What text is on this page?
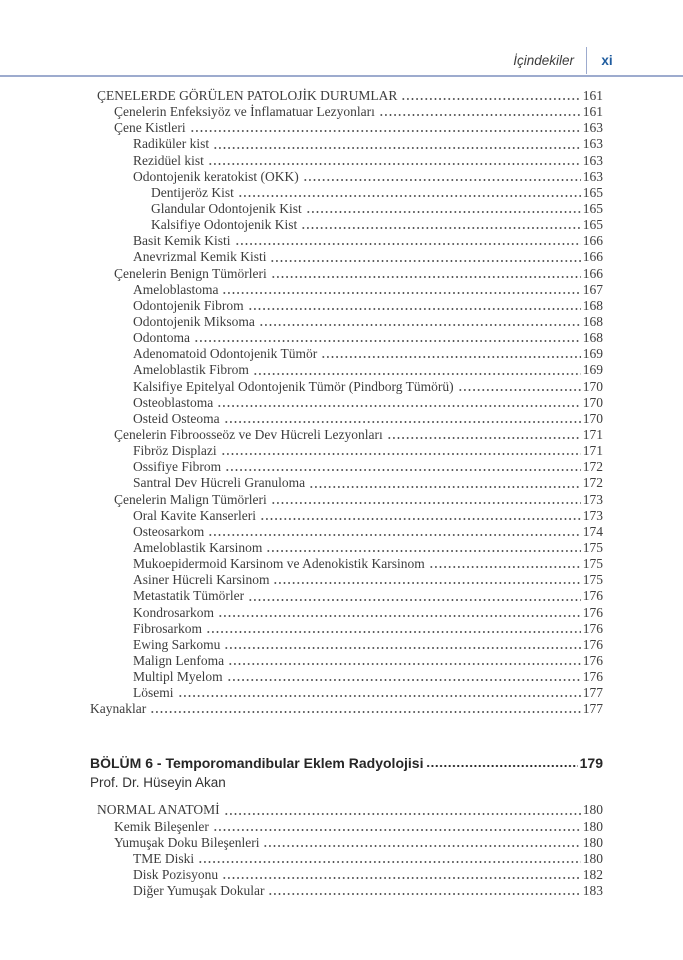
İçindekiler	xi
ÇENELERDE GÖRÜLEN PATOLOJİK DURUMLAR	161
Çenelerin Enfeksiyöz ve İnflamatuar Lezyonları	161
Çene Kistleri	163
Radiküler kist	163
Rezidüel kist	163
Odontojenik keratokist (OKK)	163
Dentijeröz Kist	165
Glandular Odontojenik Kist	165
Kalsifiye Odontojenik Kist	165
Basit Kemik Kisti	166
Anevrizmal Kemik Kisti	166
Çenelerin Benign Tümörleri	166
Ameloblastoma	167
Odontojenik Fibrom	168
Odontojenik Miksoma	168
Odontoma	168
Adenomatoid Odontojenik Tümör	169
Ameloblastik Fibrom	169
Kalsifiye Epitelyal Odontojenik Tümör (Pindborg Tümörü)	170
Osteoblastoma	170
Osteid Osteoma	170
Çenelerin Fibroosseöz ve Dev Hücreli Lezyonları	171
Fibröz Displazi	171
Ossifiye Fibrom	172
Santral Dev Hücreli Granuloma	172
Çenelerin Malign Tümörleri	173
Oral Kavite Kanserleri	173
Osteosarkom	174
Ameloblastik Karsinom	175
Mukoepidermoid Karsinom ve Adenokistik Karsinom	175
Asiner Hücreli Karsinom	175
Metastatik Tümörler	176
Kondrosarkom	176
Fibrosarkom	176
Ewing Sarkomu	176
Malign Lenfoma	176
Multipl Myelom	176
Lösemi	177
Kaynaklar	177
BÖLÜM 6 - Temporomandibular Eklem Radyolojisi	179
Prof. Dr. Hüseyin Akan
NORMAL ANATOMİ	180
Kemik Bileşenler	180
Yumuşak Doku Bileşenleri	180
TME Diski	180
Disk Pozisyonu	182
Diğer Yumuşak Dokular	183
